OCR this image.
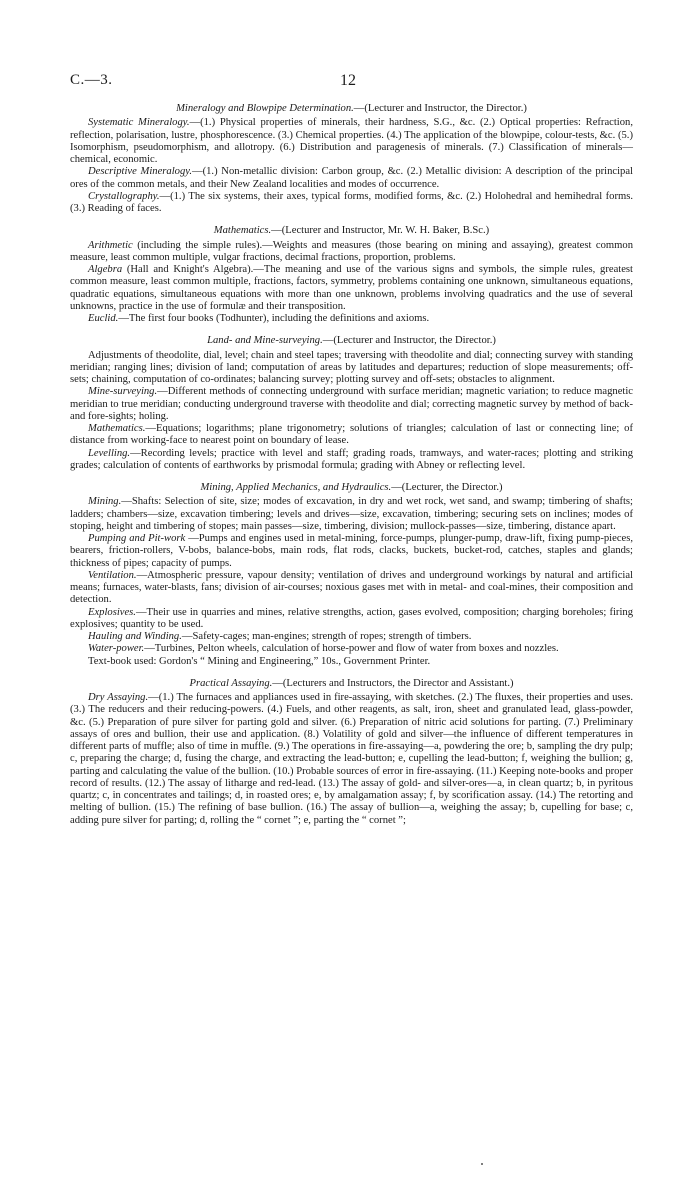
C.—3.	12

Mineralogy and Blowpipe Determination.—(Lecturer and Instructor, the Director.)

Systematic Mineralogy.—(1.) Physical properties of minerals, their hardness, S.G., &c. (2.) Optical properties: Refraction, reflection, polarisation, lustre, phosphorescence. (3.) Chemical properties. (4.) The application of the blowpipe, colour-tests, &c. (5.) Isomorphism, pseudomorphism, and allotropy. (6.) Distribution and paragenesis of minerals. (7.) Classification of minerals—chemical, economic.

Descriptive Mineralogy.—(1.) Non-metallic division: Carbon group, &c. (2.) Metallic division: A description of the principal ores of the common metals, and their New Zealand localities and modes of occurrence.

Crystallography.—(1.) The six systems, their axes, typical forms, modified forms, &c. (2.) Holohedral and hemihedral forms. (3.) Reading of faces.

Mathematics.—(Lecturer and Instructor, Mr. W. H. Baker, B.Sc.)

Arithmetic (including the simple rules).—Weights and measures (those bearing on mining and assaying), greatest common measure, least common multiple, vulgar fractions, decimal fractions, proportion, problems.

Algebra (Hall and Knight's Algebra).—The meaning and use of the various signs and symbols, the simple rules, greatest common measure, least common multiple, fractions, factors, symmetry, problems containing one unknown, simultaneous equations, quadratic equations, simultaneous equations with more than one unknown, problems involving quadratics and the use of several unknowns, practice in the use of formulæ and their transposition.

Euclid.—The first four books (Todhunter), including the definitions and axioms.

Land- and Mine-surveying.—(Lecturer and Instructor, the Director.)

Adjustments of theodolite, dial, level; chain and steel tapes; traversing with theodolite and dial; connecting survey with standing meridian; ranging lines; division of land; computation of areas by latitudes and departures; reduction of slope measurements; off-sets; chaining, computation of co-ordinates; balancing survey; plotting survey and off-sets; obstacles to alignment.

Mine-surveying.—Different methods of connecting underground with surface meridian; magnetic variation; to reduce magnetic meridian to true meridian; conducting underground traverse with theodolite and dial; correcting magnetic survey by method of back- and fore-sights; holing.

Mathematics.—Equations; logarithms; plane trigonometry; solutions of triangles; calculation of last or connecting line; of distance from working-face to nearest point on boundary of lease.

Levelling.—Recording levels; practice with level and staff; grading roads, tramways, and water-races; plotting and striking grades; calculation of contents of earthworks by prismodal formula; grading with Abney or reflecting level.

Mining, Applied Mechanics, and Hydraulics.—(Lecturer, the Director.)

Mining.—Shafts: Selection of site, size; modes of excavation, in dry and wet rock, wet sand, and swamp; timbering of shafts; ladders; chambers—size, excavation timbering; levels and drives—size, excavation, timbering; securing sets on inclines; modes of stoping, height and timbering of stopes; main passes—size, timbering, division; mullock-passes—size, timbering, distance apart.

Pumping and Pit-work —Pumps and engines used in metal-mining, force-pumps, plunger-pump, draw-lift, fixing pump-pieces, bearers, friction-rollers, V-bobs, balance-bobs, main rods, flat rods, clacks, buckets, bucket-rod, catches, staples and glands; thickness of pipes; capacity of pumps.

Ventilation.—Atmospheric pressure, vapour density; ventilation of drives and underground workings by natural and artificial means; furnaces, water-blasts, fans; division of air-courses; noxious gases met with in metal- and coal-mines, their composition and detection.

Explosives.—Their use in quarries and mines, relative strengths, action, gases evolved, composition; charging boreholes; firing explosives; quantity to be used.

Hauling and Winding.—Safety-cages; man-engines; strength of ropes; strength of timbers.

Water-power.—Turbines, Pelton wheels, calculation of horse-power and flow of water from boxes and nozzles.

Text-book used: Gordon's “ Mining and Engineering,” 10s., Government Printer.

Practical Assaying.—(Lecturers and Instructors, the Director and Assistant.)

Dry Assaying.—(1.) The furnaces and appliances used in fire-assaying, with sketches. (2.) The fluxes, their properties and uses. (3.) The reducers and their reducing-powers. (4.) Fuels, and other reagents, as salt, iron, sheet and granulated lead, glass-powder, &c. (5.) Preparation of pure silver for parting gold and silver. (6.) Preparation of nitric acid solutions for parting. (7.) Preliminary assays of ores and bullion, their use and application. (8.) Volatility of gold and silver—the influence of different temperatures in different parts of muffle; also of time in muffle. (9.) The operations in fire-assaying—a, powdering the ore; b, sampling the dry pulp; c, preparing the charge; d, fusing the charge, and extracting the lead-button; e, cupelling the lead-button; f, weighing the bullion; g, parting and calculating the value of the bullion. (10.) Probable sources of error in fire-assaying. (11.) Keeping note-books and proper record of results. (12.) The assay of litharge and red-lead. (13.) The assay of gold- and silver-ores—a, in clean quartz; b, in pyritous quartz; c, in concentrates and tailings; d, in roasted ores; e, by amalgamation assay; f, by scorification assay. (14.) The retorting and melting of bullion. (15.) The refining of base bullion. (16.) The assay of bullion—a, weighing the assay; b, cupelling for base; c, adding pure silver for parting; d, rolling the “ cornet ”; e, parting the “ cornet ”;
